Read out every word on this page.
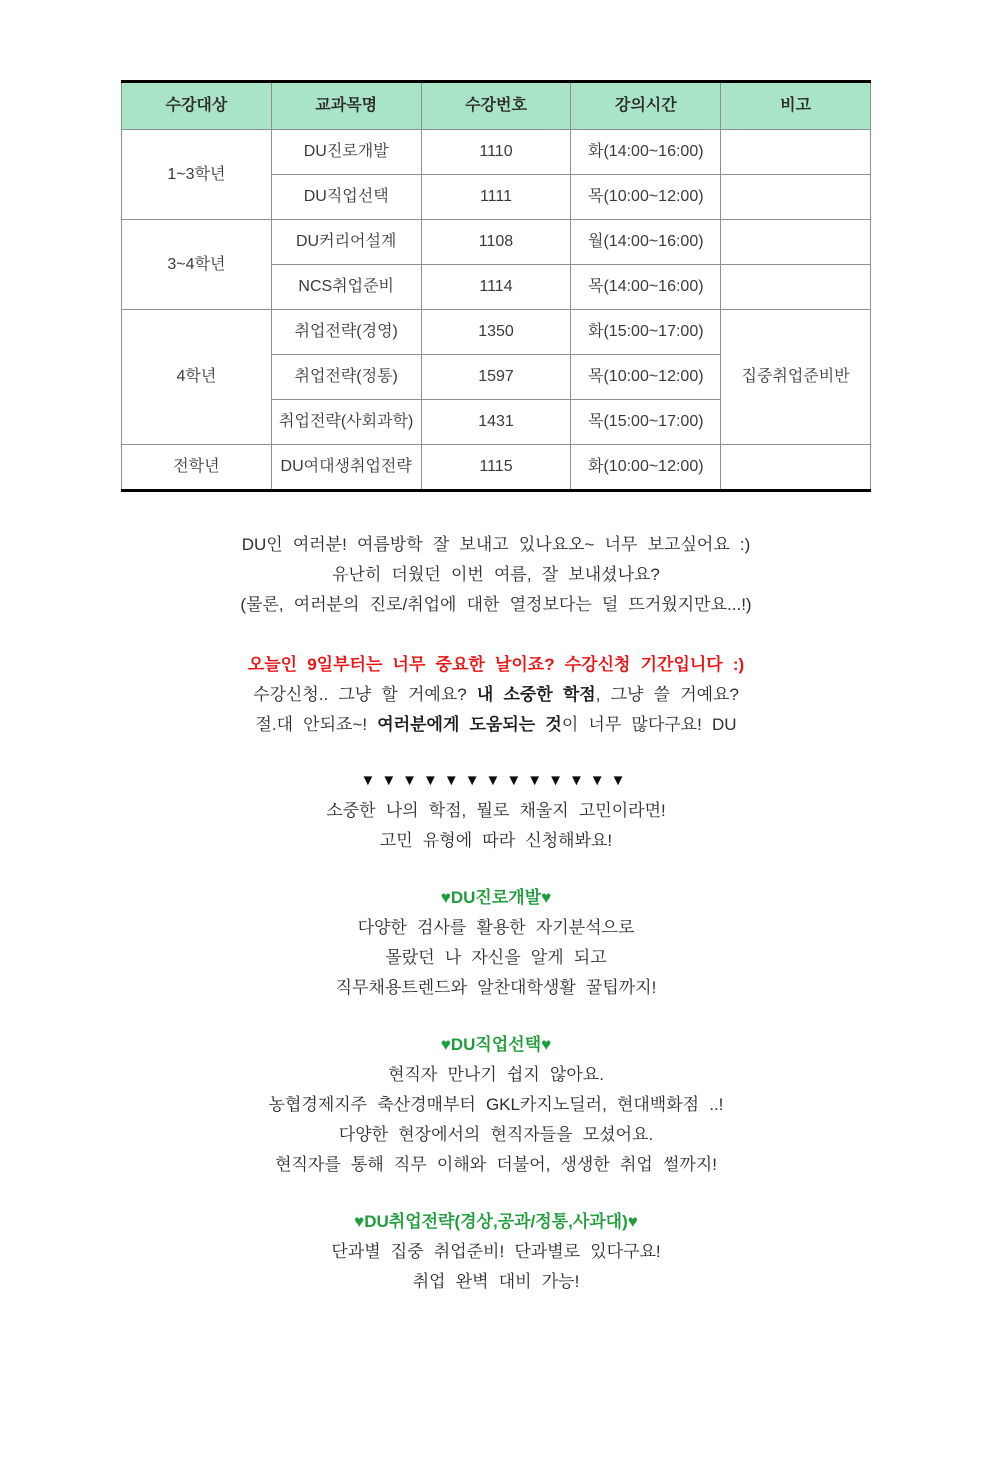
수강대상	교과목명	수강번호	강의시간	비고
1~3학년	DU진로개발	1110	화(14:00~16:00)	
	DU직업선택	1111	목(10:00~12:00)	
3~4학년	DU커리어설계	1108	월(14:00~16:00)	
	NCS취업준비	1114	목(14:00~16:00)	
4학년	취업전략(경영)	1350	화(15:00~17:00)	집중취업준비반
	취업전략(정통)	1597	목(10:00~12:00)	
	취업전략(사회과학)	1431	목(15:00~17:00)	
전학년	DU여대생취업전략	1115	화(10:00~12:00)	

DU인 여러분! 여름방학 잘 보내고 있나요오~ 너무 보고싶어요 :)

유난히 더웠던 이번 여름, 잘 보내셨나요?

(물론, 여러분의 진로/취업에 대한 열정보다는 덜 뜨거웠지만요...!)

오늘인 9일부터는 너무 중요한 날이죠? 수강신청 기간입니다 :)

수강신청.. 그냥 할 거예요? 내 소중한 학점, 그냥 쓸 거예요?

절.대 안되죠~! 여러분에게 도움되는 것이 너무 많다구요! DU

▼▼▼▼▼▼▼▼▼▼▼▼▼

소중한 나의 학점, 뭘로 채울지 고민이라면!

고민 유형에 따라 신청해봐요!

♥DU진로개발♥

다양한 검사를 활용한 자기분석으로

몰랐던 나 자신을 알게 되고

직무채용트렌드와 알찬대학생활 꿀팁까지!

♥DU직업선택♥

현직자 만나기 쉽지 않아요.

농협경제지주 축산경매부터 GKL카지노딜러, 현대백화점 ..!

다양한 현장에서의 현직자들을 모셨어요.

현직자를 통해 직무 이해와 더불어, 생생한 취업 썰까지!

♥DU취업전략(경상,공과/정통,사과대)♥

단과별 집중 취업준비! 단과별로 있다구요!

취업 완벽 대비 가능!
